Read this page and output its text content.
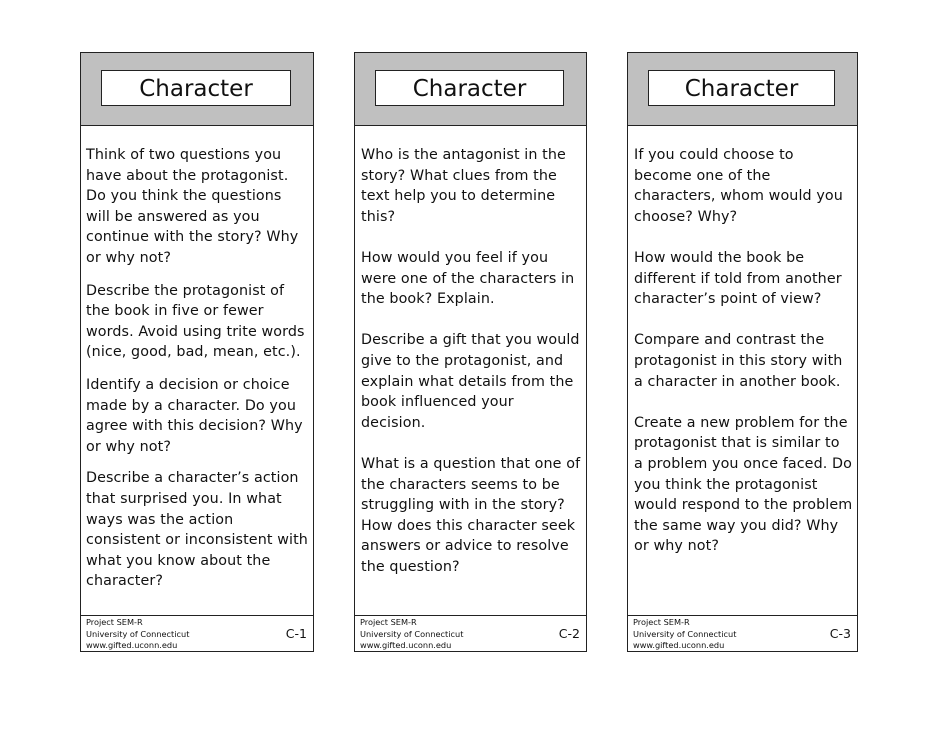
Character

Think of two questions you have about the protagonist. Do you think the questions will be answered as you continue with the story? Why or why not?

Describe the protagonist of the book in five or fewer words. Avoid using trite words (nice, good, bad, mean, etc.).

Identify a decision or choice made by a character. Do you agree with this decision? Why or why not?

Describe a character’s action that surprised you. In what ways was the action consistent or inconsistent with what you know about the character?

Project SEM-R
University of Connecticut
www.gifted.uconn.edu
C-1
Character

Who is the antagonist in the story? What clues from the text help you to determine this?

How would you feel if you were one of the characters in the book? Explain.

Describe a gift that you would give to the protagonist, and explain what details from the book influenced your decision.

What is a question that one of the characters seems to be struggling with in the story? How does this character seek answers or advice to resolve the question?

Project SEM-R
University of Connecticut
www.gifted.uconn.edu
C-2
Character

If you could choose to become one of the characters, whom would you choose? Why?

How would the book be different if told from another character’s point of view?

Compare and contrast the protagonist in this story with a character in another book.

Create a new problem for the protagonist that is similar to a problem you once faced. Do you think the protagonist would respond to the problem the same way you did? Why or why not?

Project SEM-R
University of Connecticut
www.gifted.uconn.edu
C-3
